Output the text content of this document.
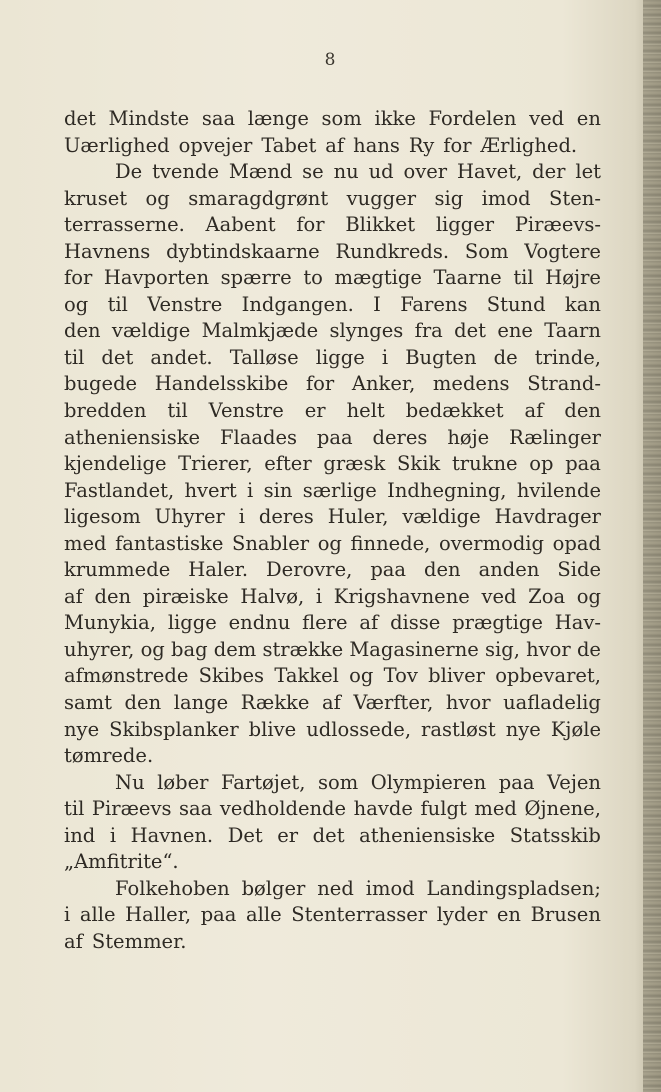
8
det Mindste saa længe som ikke Fordelen ved en
Uærlighed opvejer Tabet af hans Ry for Ærlighed.
De tvende Mænd se nu ud over Havet, der let
kruset og smaragdgrønt vugger sig imod Sten-
terrasserne. Aabent for Blikket ligger Piræevs-
Havnens dybtindskaarne Rundkreds. Som Vogtere
for Havporten spærre to mægtige Taarne til Højre
og til Venstre Indgangen. I Farens Stund kan
den vældige Malmkjæde slynges fra det ene Taarn
til det andet. Talløse ligge i Bugten de trinde,
bugede Handelsskibe for Anker, medens Strand-
bredden til Venstre er helt bedækket af den
atheniensiske Flaades paa deres høje Rælinger
kjendelige Trierer, efter græsk Skik trukne op paa
Fastlandet, hvert i sin særlige Indhegning, hvilende
ligesom Uhyrer i deres Huler, vældige Havdrager
med fantastiske Snabler og finnede, overmodig opad
krummede Haler. Derovre, paa den anden Side
af den piræiske Halvø, i Krigshavnene ved Zoa og
Munykia, ligge endnu flere af disse prægtige Hav-
uhyrer, og bag dem strække Magasinerne sig, hvor de
afmønstrede Skibes Takkel og Tov bliver opbevaret,
samt den lange Række af Værfter, hvor uafladelig
nye Skibsplanker blive udlossede, rastløst nye Kjøle
tømrede.
Nu løber Fartøjet, som Olympieren paa Vejen
til Piræevs saa vedholdende havde fulgt med Øjnene,
ind i Havnen. Det er det atheniensiske Statsskib
„Amfitrite“.
Folkehoben bølger ned imod Landingspladsen;
i alle Haller, paa alle Stenterrasser lyder en Brusen
af Stemmer.
